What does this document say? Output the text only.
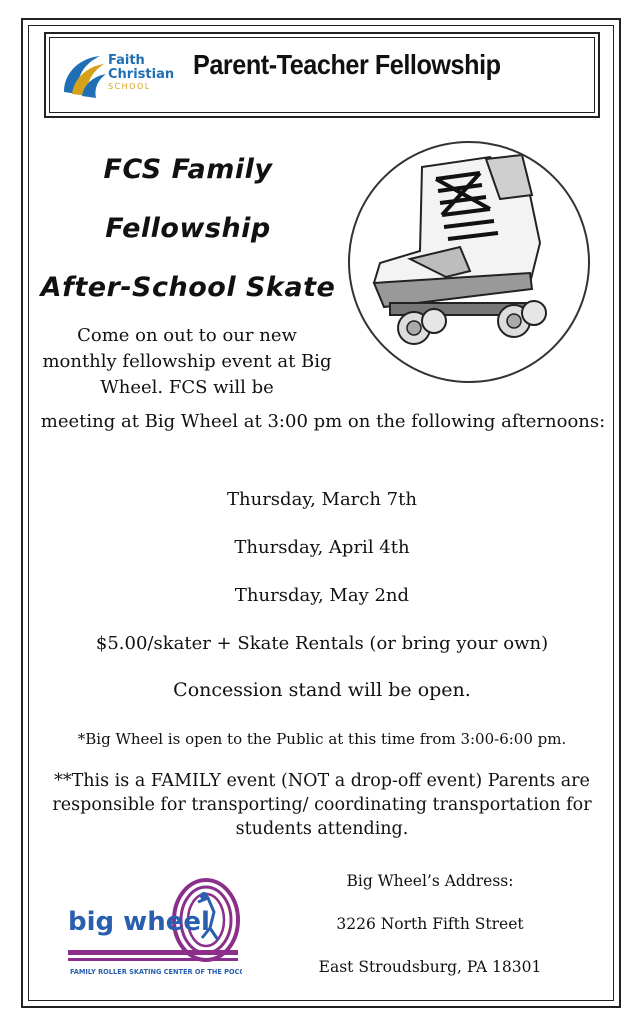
Faith
Christian
SCHOOL
Parent-Teacher Fellowship
FCS Family
Fellowship
After-School Skate
Come on out to our new monthly fellowship event at Big Wheel. FCS will be
meeting at Big Wheel at 3:00 pm on the following afternoons:
Thursday, March 7th
Thursday, April 4th
Thursday, May 2nd
$5.00/skater + Skate Rentals (or bring your own)
Concession stand will be open.
*Big Wheel is open to the Public at this time from 3:00-6:00 pm.
**This is a FAMILY event (NOT a drop-off event) Parents are responsible for transporting/ coordinating transportation for students attending.
big wheel
FAMILY ROLLER SKATING CENTER OF THE POCONOS
Big Wheel’s Address:
3226 North Fifth Street
East Stroudsburg, PA 18301
